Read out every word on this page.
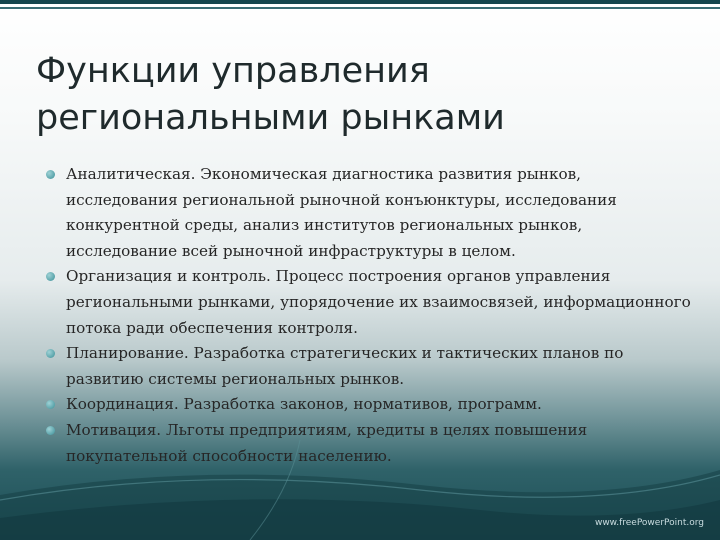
Функции управления
региональными рынками
Аналитическая. Экономическая диагностика развития рынков, исследования региональной рыночной конъюнктуры, исследования конкурентной среды, анализ институтов региональных рынков, исследование всей рыночной инфраструктуры в целом.
Организация и контроль. Процесс построения органов управления региональными рынками, упорядочение их взаимосвязей, информационного потока ради обеспечения контроля.
Планирование. Разработка стратегических и тактических планов по развитию системы региональных рынков.
Координация. Разработка законов, нормативов, программ.
Мотивация. Льготы предприятиям, кредиты в целях повышения покупательной способности населению.
www.freePowerPoint.org
